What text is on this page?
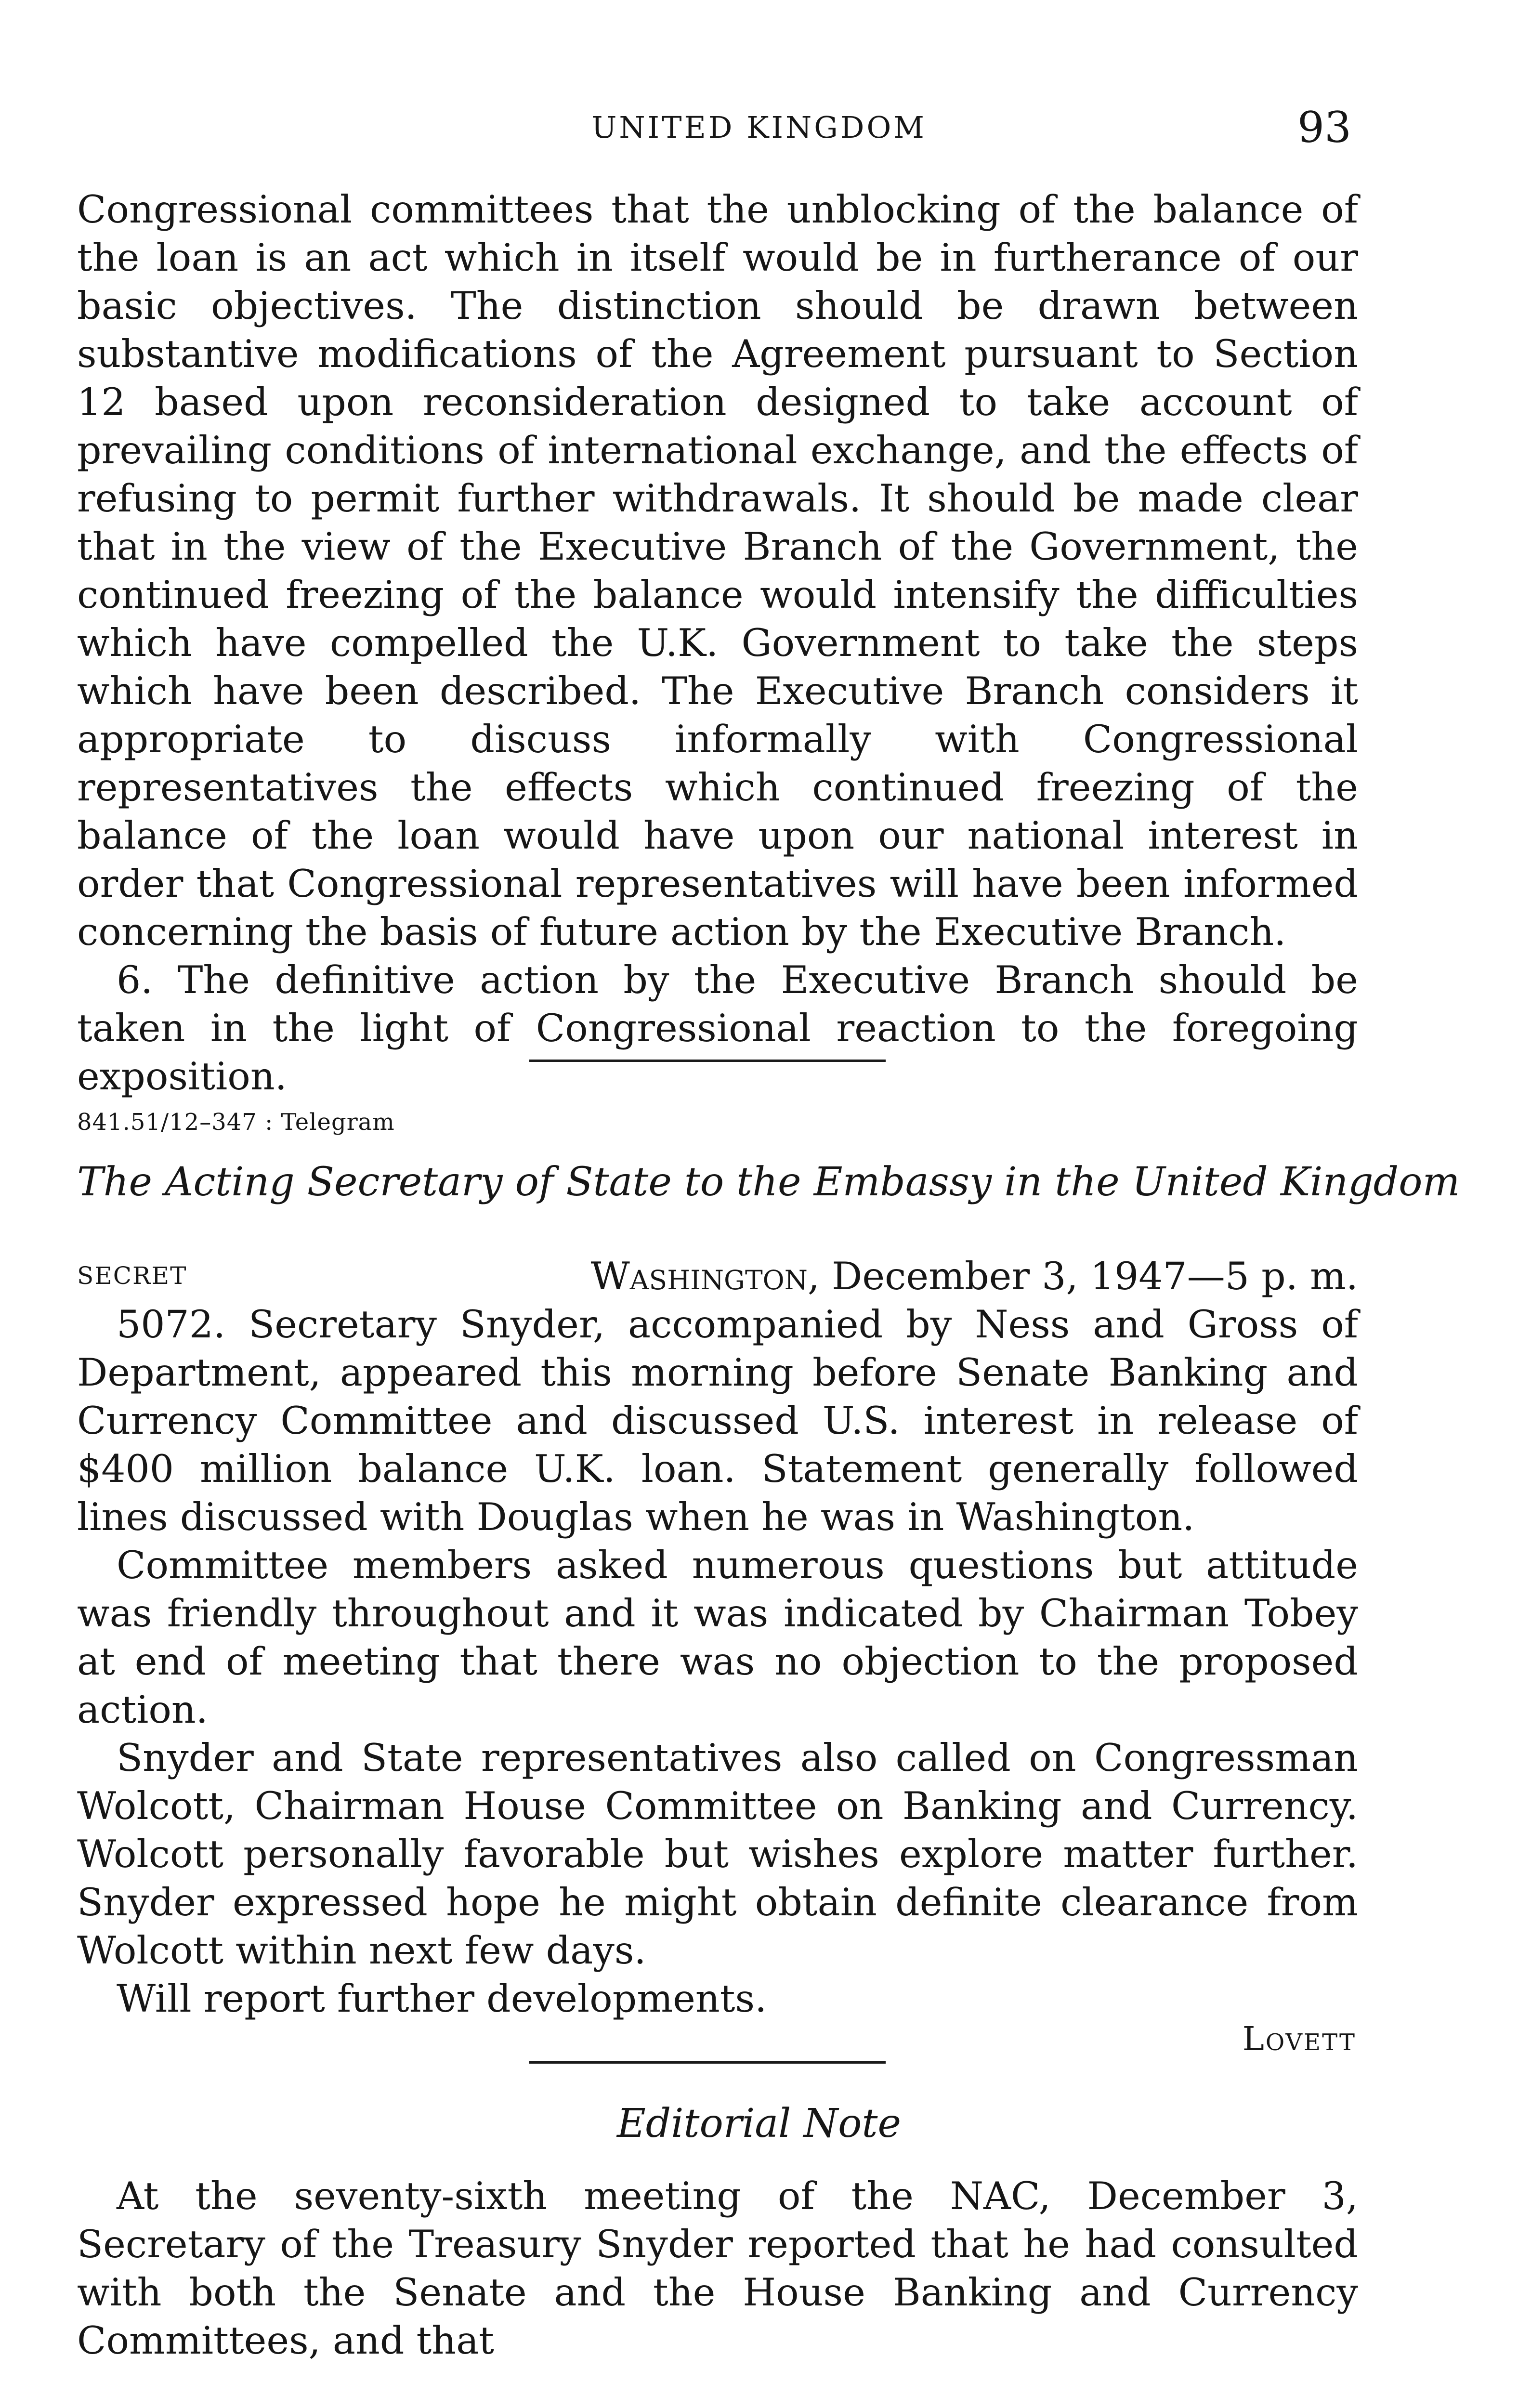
UNITED KINGDOM	93

Congressional committees that the unblocking of the balance of the loan is an act which in itself would be in furtherance of our basic objectives. The distinction should be drawn between substantive modifications of the Agreement pursuant to Section 12 based upon reconsideration designed to take account of prevailing conditions of international exchange, and the effects of refusing to permit further withdrawals. It should be made clear that in the view of the Executive Branch of the Government, the continued freezing of the balance would intensify the difficulties which have compelled the U.K. Government to take the steps which have been described. The Executive Branch considers it appropriate to discuss informally with Congressional representatives the effects which continued freezing of the balance of the loan would have upon our national interest in order that Congressional representatives will have been informed concerning the basis of future action by the Executive Branch.

6. The definitive action by the Executive Branch should be taken in the light of Congressional reaction to the foregoing exposition.

841.51/12–347 : Telegram
The Acting Secretary of State to the Embassy in the United Kingdom
SECRET	Washington, December 3, 1947—5 p. m.

5072. Secretary Snyder, accompanied by Ness and Gross of Department, appeared this morning before Senate Banking and Currency Committee and discussed U.S. interest in release of $400 million balance U.K. loan. Statement generally followed lines discussed with Douglas when he was in Washington.

Committee members asked numerous questions but attitude was friendly throughout and it was indicated by Chairman Tobey at end of meeting that there was no objection to the proposed action.

Snyder and State representatives also called on Congressman Wolcott, Chairman House Committee on Banking and Currency. Wolcott personally favorable but wishes explore matter further. Snyder expressed hope he might obtain definite clearance from Wolcott within next few days.

Will report further developments.

Lovett
Editorial Note

At the seventy-sixth meeting of the NAC, December 3, Secretary of the Treasury Snyder reported that he had consulted with both the Senate and the House Banking and Currency Committees, and that
